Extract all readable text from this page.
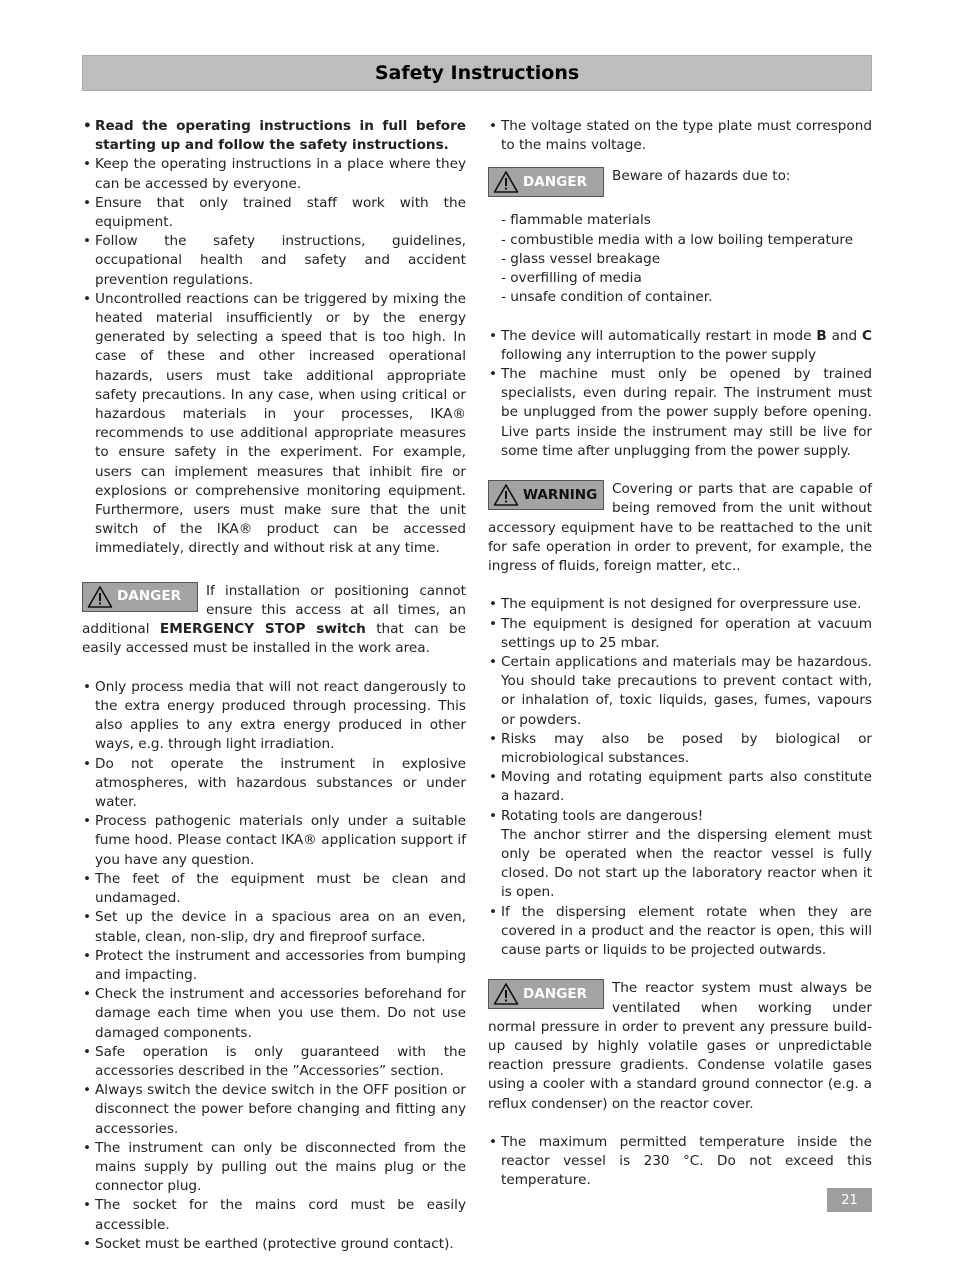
Safety Instructions
• Read the operating instructions in full before starting up and follow the safety instructions.
• Keep the operating instructions in a place where they can be accessed by everyone.
• Ensure that only trained staff work with the equipment.
• Follow the safety instructions, guidelines, occupational health and safety and accident prevention regulations.
• Uncontrolled reactions can be triggered by mixing the heated material insufficiently or by the energy generated by selecting a speed that is too high. In case of these and other increased operational hazards, users must take additional appropriate safety precautions. In any case, when using critical or hazardous materials in your processes, IKA® recommends to use additional appropriate measures to ensure safety in the experiment. For example, users can implement measures that inhibit fire or explosions or comprehensive monitoring equipment. Furthermore, users must make sure that the unit switch of the IKA® product can be accessed immediately, directly and without risk at any time.
DANGER	If installation or positioning cannot ensure this access at all times, an additional EMERGENCY STOP switch that can be easily accessed must be installed in the work area.

• Only process media that will not react dangerously to the extra energy produced through processing. This also applies to any extra energy produced in other ways, e.g. through light irradiation.
• Do not operate the instrument in explosive atmospheres, with hazardous substances or under water.
• Process pathogenic materials only under a suitable fume hood. Please contact IKA® application support if you have any question.
• The feet of the equipment must be clean and undamaged.
• Set up the device in a spacious area on an even, stable, clean, non-slip, dry and fireproof surface.
• Protect the instrument and accessories from bumping and impacting.
• Check the instrument and accessories beforehand for damage each time when you use them. Do not use damaged components.
• Safe operation is only guaranteed with the accessories described in the ”Accessories” section.
• Always switch the device switch in the OFF position or disconnect the power before changing and fitting any accessories.
• The instrument can only be disconnected from the mains supply by pulling out the mains plug or the connector plug.
• The socket for the mains cord must be easily accessible.
• Socket must be earthed (protective ground contact).
• The voltage stated on the type plate must correspond to the mains voltage.
DANGER	Beware of hazards due to:

- flammable materials
- combustible media with a low boiling temperature
- glass vessel breakage
- overfilling of media
- unsafe condition of container.
• The device will automatically restart in mode B and C following any interruption to the power supply
• The machine must only be opened by trained specialists, even during repair. The instrument must be unplugged from the power supply before opening. Live parts inside the instrument may still be live for some time after unplugging from the power supply.
WARNING	Covering or parts that are capable of being removed from the unit without accessory equipment have to be reattached to the unit for safe operation in order to prevent, for example, the ingress of fluids, foreign matter, etc..

• The equipment is not designed for overpressure use.
• The equipment is designed for operation at vacuum settings up to 25 mbar.
• Certain applications and materials may be hazardous. You should take precautions to prevent contact with, or inhalation of, toxic liquids, gases, fumes, vapours or powders.
• Risks may also be posed by biological or microbiological substances.
• Moving and rotating equipment parts also constitute a hazard.
• Rotating tools are dangerous!
The anchor stirrer and the dispersing element must only be operated when the reactor vessel is fully closed. Do not start up the laboratory reactor when it is open.
• If the dispersing element rotate when they are covered in a product and the reactor is open, this will cause parts or liquids to be projected outwards.
DANGER	The reactor system must always be ventilated when working under normal pressure in order to prevent any pressure build-up caused by highly volatile gases or unpredictable reaction pressure gradients. Condense volatile gases using a cooler with a standard ground connector (e.g. a reflux condenser) on the reactor cover.

• The maximum permitted temperature inside the reactor vessel is 230 °C. Do not exceed this temperature.
21
